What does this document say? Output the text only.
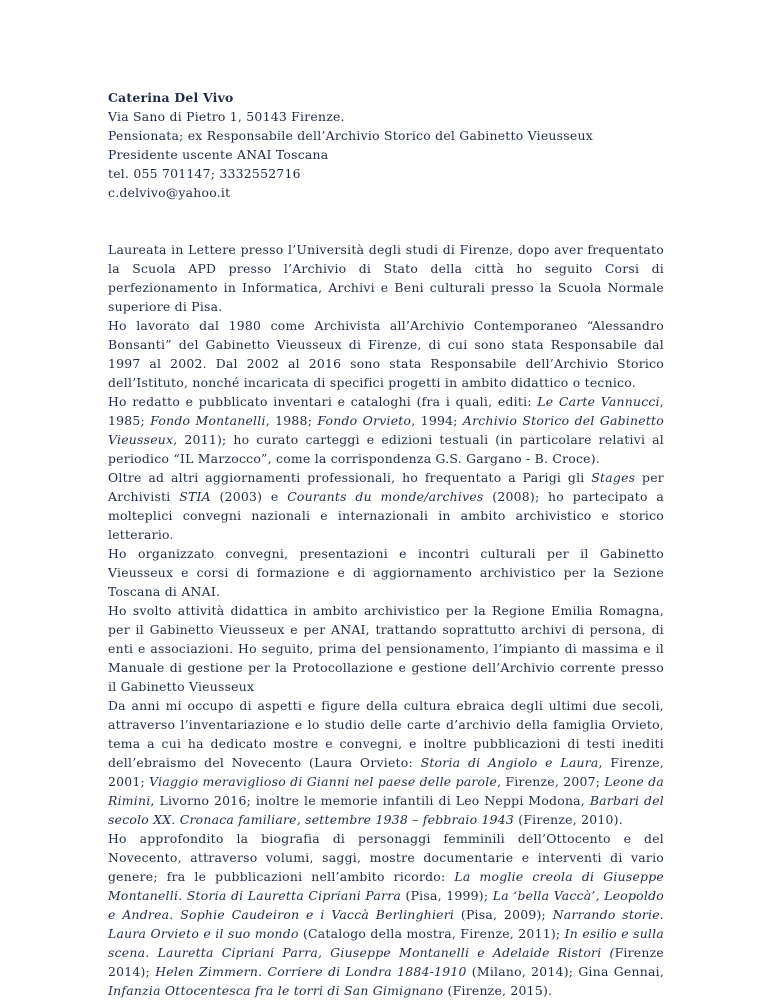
Caterina Del Vivo
Via Sano di Pietro 1, 50143 Firenze.
Pensionata; ex Responsabile dell’Archivio Storico del Gabinetto Vieusseux
Presidente uscente ANAI Toscana
tel. 055 701147; 3332552716
c.delvivo@yahoo.it

Laureata in Lettere presso l’Università degli studi di Firenze, dopo aver frequentato la Scuola APD presso l’Archivio di Stato della città ho seguito Corsi di perfezionamento in Informatica, Archivi e Beni culturali presso la Scuola Normale superiore di Pisa.

Ho lavorato dal 1980 come Archivista all’Archivio Contemporaneo “Alessandro Bonsanti” del Gabinetto Vieusseux di Firenze, di cui sono stata Responsabile dal 1997 al 2002. Dal 2002 al 2016 sono stata Responsabile dell’Archivio Storico dell’Istituto, nonché incaricata di specifici progetti in ambito didattico o tecnico.

Ho redatto e pubblicato inventari e cataloghi (fra i quali, editi: Le Carte Vannucci, 1985; Fondo Montanelli, 1988; Fondo Orvieto, 1994; Archivio Storico del Gabinetto Vieusseux, 2011); ho curato carteggi e edizioni testuali (in particolare relativi al periodico “IL Marzocco”, come la corrispondenza G.S. Gargano - B. Croce).

Oltre ad altri aggiornamenti professionali, ho frequentato a Parigi gli Stages per Archivisti STIA (2003) e Courants du monde/archives (2008); ho partecipato a molteplici convegni nazionali e internazionali in ambito archivistico e storico letterario.

Ho organizzato convegni, presentazioni e incontri culturali per il Gabinetto Vieusseux e corsi di formazione e di aggiornamento archivistico per la Sezione Toscana di ANAI.

Ho svolto attività didattica in ambito archivistico per la Regione Emilia Romagna, per il Gabinetto Vieusseux e per ANAI, trattando soprattutto archivi di persona, di enti e associazioni. Ho seguito, prima del pensionamento, l’impianto di massima e il Manuale di gestione per la Protocollazione e gestione dell’Archivio corrente presso il Gabinetto Vieusseux

Da anni mi occupo di aspetti e figure della cultura ebraica degli ultimi due secoli, attraverso l’inventariazione e lo studio delle carte d’archivio della famiglia Orvieto, tema a cui ha dedicato mostre e convegni, e inoltre pubblicazioni di testi inediti dell’ebraismo del Novecento (Laura Orvieto: Storia di Angiolo e Laura, Firenze, 2001; Viaggio meraviglioso di Gianni nel paese delle parole, Firenze, 2007; Leone da Rimini, Livorno 2016; inoltre le memorie infantili di Leo Neppi Modona, Barbari del secolo XX. Cronaca familiare, settembre 1938 – febbraio 1943 (Firenze, 2010).

Ho approfondito la biografia di personaggi femminili dell’Ottocento e del Novecento, attraverso volumi, saggi, mostre documentarie e interventi di vario genere; fra le pubblicazioni nell’ambito ricordo: La moglie creola di Giuseppe Montanelli. Storia di Lauretta Cipriani Parra (Pisa, 1999); La ‘bella Vaccà’, Leopoldo e Andrea. Sophie Caudeiron e i Vaccà Berlinghieri (Pisa, 2009); Narrando storie. Laura Orvieto e il suo mondo (Catalogo della mostra, Firenze, 2011); In esilio e sulla scena. Lauretta Cipriani Parra, Giuseppe Montanelli e Adelaide Ristori (Firenze 2014); Helen Zimmern. Corriere di Londra 1884-1910 (Milano, 2014); Gina Gennai, Infanzia Ottocentesca fra le torri di San Gimignano (Firenze, 2015).
